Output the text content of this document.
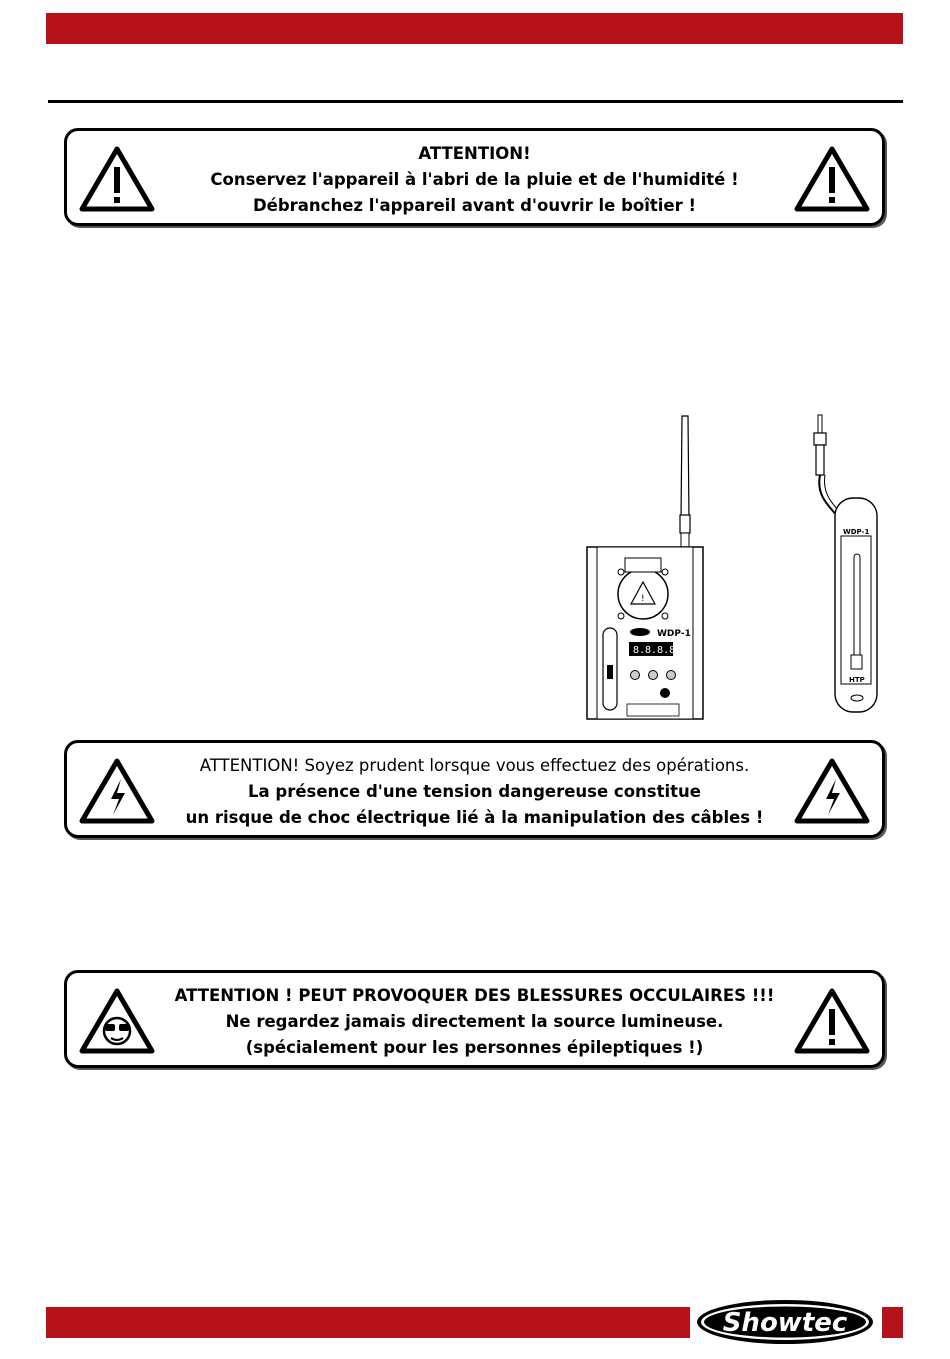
ATTENTION!
Conservez l'appareil à l'abri de la pluie et de l'humidité !
Débranchez l'appareil avant d'ouvrir le boîtier !
!
WDP-1
8.8.8.8
WDP-1
HTP
ATTENTION! Soyez prudent lorsque vous effectuez des opérations.
La présence d'une tension dangereuse constitue
un risque de choc électrique lié à la manipulation des câbles !
ATTENTION ! PEUT PROVOQUER DES BLESSURES OCCULAIRES !!!
Ne regardez jamais directement la source lumineuse.
(spécialement pour les personnes épileptiques !)
Showtec
